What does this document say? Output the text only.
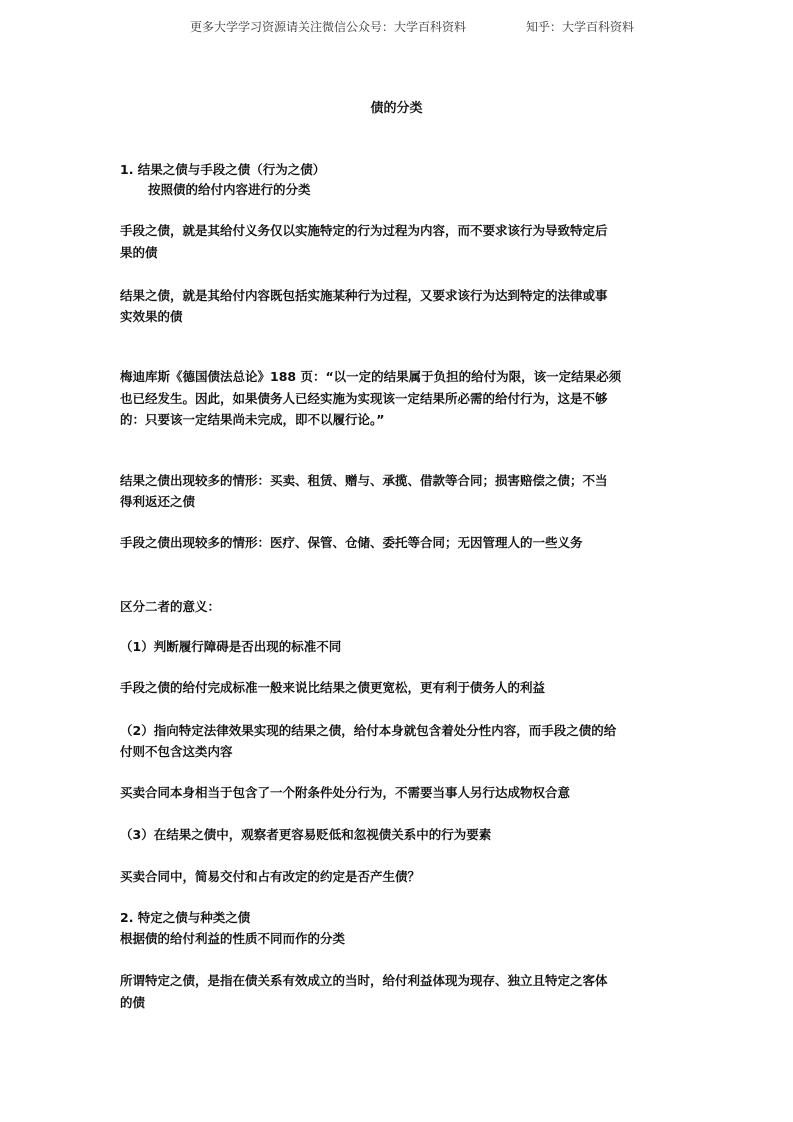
更多大学学习资源请关注微信公众号：大学百科资料	知乎：大学百科资料
债的分类
1. 结果之债与手段之债（行为之债）
按照债的给付内容进行的分类
手段之债，就是其给付义务仅以实施特定的行为过程为内容，而不要求该行为导致特定后
果的债
结果之债，就是其给付内容既包括实施某种行为过程，又要求该行为达到特定的法律或事
实效果的债
梅迪库斯《德国债法总论》188 页：“以一定的结果属于负担的给付为限，该一定结果必须
也已经发生。因此，如果债务人已经实施为实现该一定结果所必需的给付行为，这是不够
的：只要该一定结果尚未完成，即不以履行论。”
结果之债出现较多的情形：买卖、租赁、赠与、承揽、借款等合同；损害赔偿之债；不当
得利返还之债
手段之债出现较多的情形：医疗、保管、仓储、委托等合同；无因管理人的一些义务
区分二者的意义：
（1）判断履行障碍是否出现的标准不同
手段之债的给付完成标准一般来说比结果之债更宽松，更有利于债务人的利益
（2）指向特定法律效果实现的结果之债，给付本身就包含着处分性内容，而手段之债的给
付则不包含这类内容
买卖合同本身相当于包含了一个附条件处分行为，不需要当事人另行达成物权合意
（3）在结果之债中，观察者更容易贬低和忽视债关系中的行为要素
买卖合同中，简易交付和占有改定的约定是否产生债？
2. 特定之债与种类之债
根据债的给付利益的性质不同而作的分类
所谓特定之债，是指在债关系有效成立的当时，给付利益体现为现存、独立且特定之客体
的债
